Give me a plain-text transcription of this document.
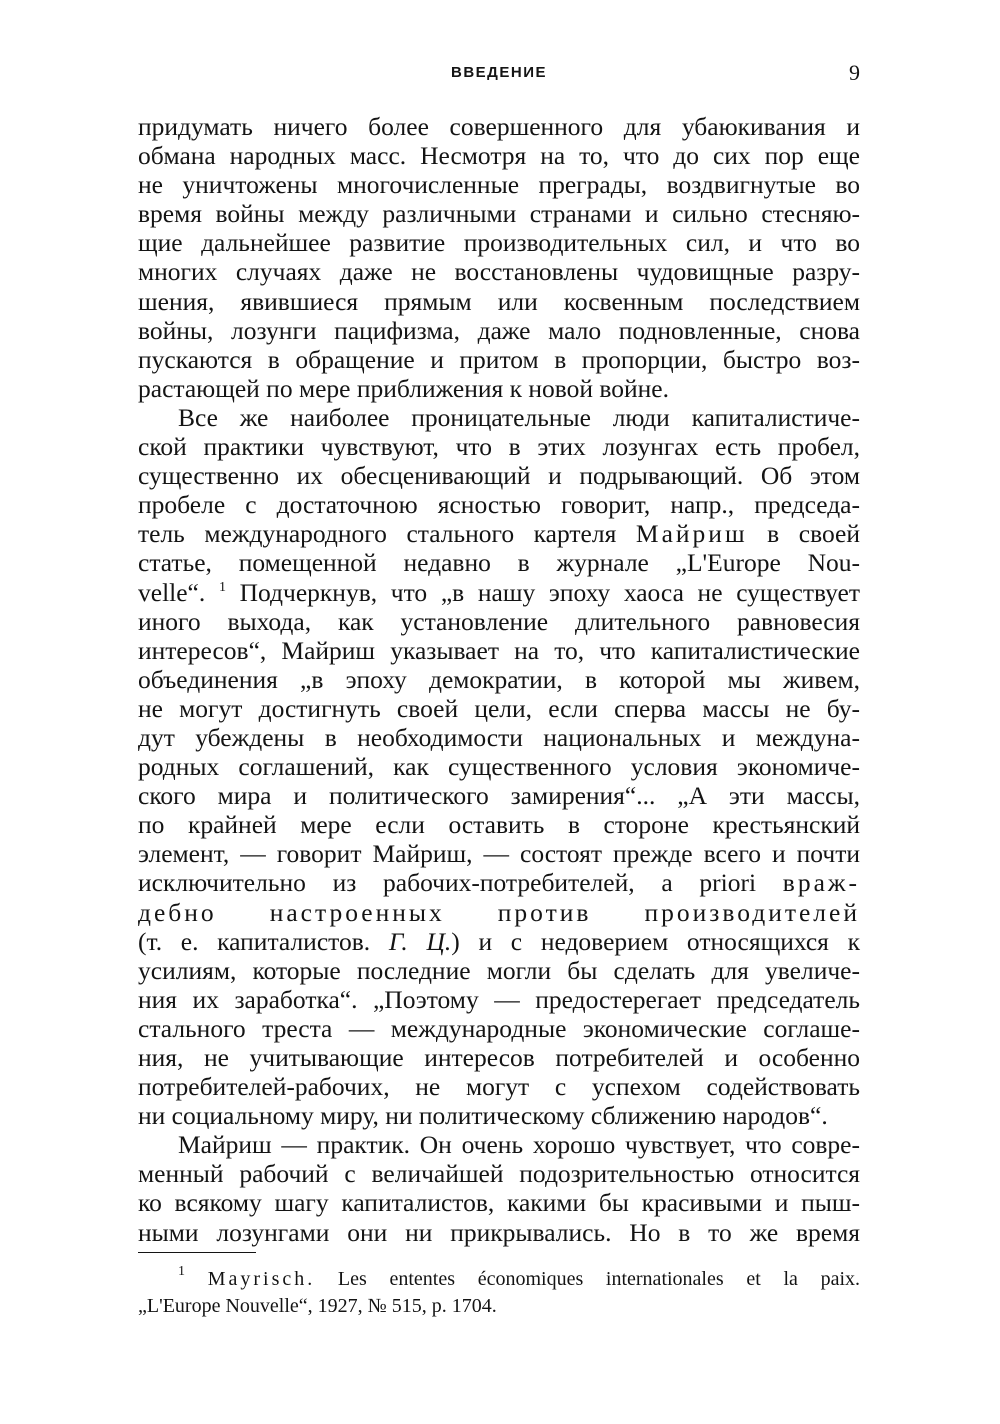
ВВЕДЕНИЕ	9
придумать ничего более совершенного для убаюкивания и
обмана народных масс. Несмотря на то, что до сих пор еще
не уничтожены многочисленные преграды, воздвигнутые во
время войны между различными странами и сильно стесняю-
щие дальнейшее развитие производительных сил, и что во
многих случаях даже не восстановлены чудовищные разру-
шения, явившиеся прямым или косвенным последствием
войны, лозунги пацифизма, даже мало подновленные, снова
пускаются в обращение и притом в пропорции, быстро воз-
растающей по мере приближения к новой войне.
Все же наиболее проницательные люди капиталистиче-
ской практики чувствуют, что в этих лозунгах есть пробел,
существенно их обесценивающий и подрывающий. Об этом
пробеле с достаточною ясностью говорит, напр., председа-
тель международного стального картеля Майриш в своей
статье, помещенной недавно в журнале „L'Europe Nou-
velle“. $^1$ Подчеркнув, что „в нашу эпоху хаоса не существует
иного выхода, как установление длительного равновесия
интересов“, Майриш указывает на то, что капиталистические
объединения „в эпоху демократии, в которой мы живем,
не могут достигнуть своей цели, если сперва массы не бу-
дут убеждены в необходимости национальных и междуна-
родных соглашений, как существенного условия экономиче-
ского мира и политического замирения“... „А эти массы,
по крайней мере если оставить в стороне крестьянский
элемент, — говорит Майриш, — состоят прежде всего и почти
исключительно из рабочих-потребителей, а priori враж-
дебно настроенных против производителей
(т. е. капиталистов. Г. Ц.) и с недоверием относящихся к
усилиям, которые последние могли бы сделать для увеличе-
ния их заработка“. „Поэтому — предостерегает председатель
стального треста — международные экономические соглаше-
ния, не учитывающие интересов потребителей и особенно
потребителей-рабочих, не могут с успехом содействовать
ни социальному миру, ни политическому сближению народов“.
Майриш — практик. Он очень хорошо чувствует, что совре-
менный рабочий с величайшей подозрительностью относится
ко всякому шагу капиталистов, какими бы красивыми и пыш-
ными лозунгами они ни прикрывались. Но в то же время
$^1$ Mayrisch. Les ententes économiques internationales et la paix.
„L'Europe Nouvelle“, 1927, № 515, p. 1704.
